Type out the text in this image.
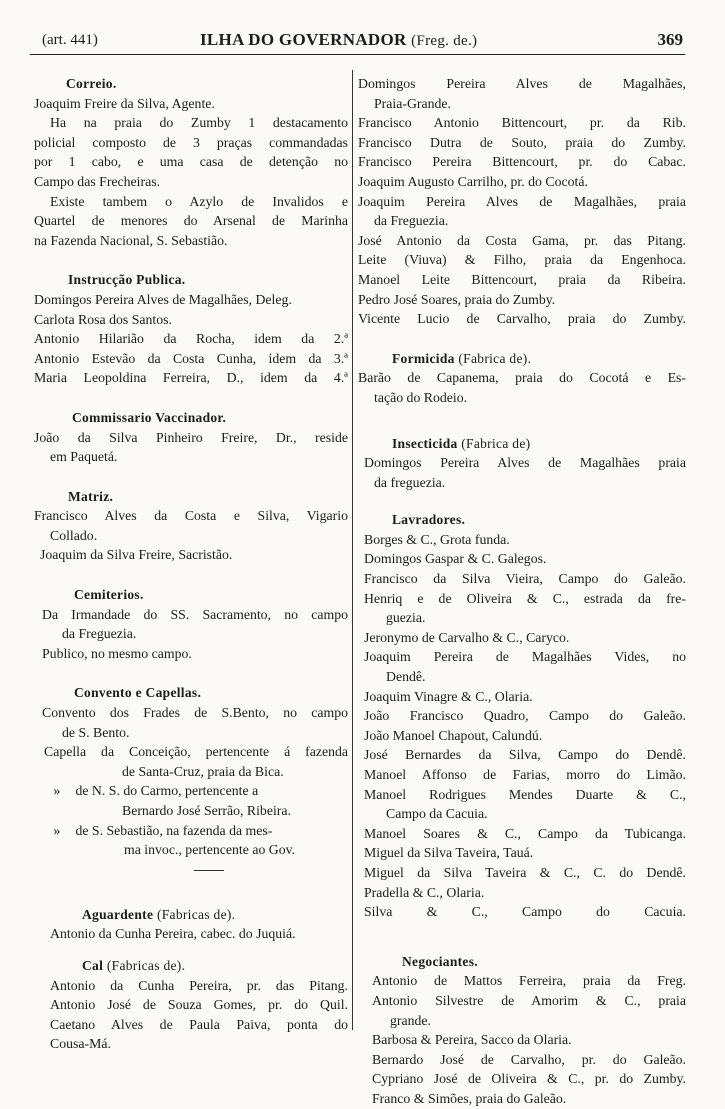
(art. 441)	ILHA DO GOVERNADOR (Freg. de.)	369
Correio.
Joaquim Freire da Silva, Agente.
Ha na praia do Zumby 1 destacamento
policial composto de 3 praças commandadas
por 1 cabo, e uma casa de detenção no
Campo das Frecheiras.
Existe tambem o Azylo de Invalidos e
Quartel de menores do Arsenal de Marinha
na Fazenda Nacional, S. Sebastião.
Instrucção Publica.
Domingos Pereira Alves de Magalhães, Deleg.
Carlota Rosa dos Santos.
Antonio Hilarião da Rocha, idem da 2.ª
Antonio Estevão da Costa Cunha, idem da 3.ª
Maria Leopoldina Ferreira, D., idem da 4.ª
Commissario Vaccinador.
João da Silva Pinheiro Freire, Dr., reside
em Paquetá.
Matriz.
Francisco Alves da Costa e Silva, Vigario
Collado.
Joaquim da Silva Freire, Sacristão.
Cemiterios.
Da Irmandade do SS. Sacramento, no campo
da Freguezia.
Publico, no mesmo campo.
Convento e Capellas.
Convento dos Frades de S.Bento, no campo
de S. Bento.
Capella da Conceição, pertencente á fazenda
de Santa-Cruz, praia da Bica.
» de N. S. do Carmo, pertencente a
Bernardo José Serrão, Ribeira.
» de S. Sebastião, na fazenda da mes-
ma invoc., pertencente ao Gov.
Aguardente (Fabricas de).
Antonio da Cunha Pereira, cabec. do Juquiá.
Cal (Fabricas de).
Antonio da Cunha Pereira, pr. das Pitang.
Antonio José de Souza Gomes, pr. do Quil.
Caetano Alves de Paula Paiva, ponta do
Cousa-Má.
Domingos Pereira Alves de Magalhães,
Praia-Grande.
Francisco Antonio Bittencourt, pr. da Rib.
Francisco Dutra de Souto, praia do Zumby.
Francisco Pereira Bittencourt, pr. do Cabac.
Joaquim Augusto Carrilho, pr. do Cocotá.
Joaquim Pereira Alves de Magalhães, praia
da Freguezia.
José Antonio da Costa Gama, pr. das Pitang.
Leite (Viuva) & Filho, praia da Engenhoca.
Manoel Leite Bittencourt, praia da Ribeira.
Pedro José Soares, praia do Zumby.
Vicente Lucio de Carvalho, praia do Zumby.
Formicida (Fabrica de).
Barão de Capanema, praia do Cocotá e Es-
tação do Rodeio.
Insecticida (Fabrica de)
Domingos Pereira Alves de Magalhães praia
da freguezia.
Lavradores.
Borges & C., Grota funda.
Domingos Gaspar & C. Galegos.
Francisco da Silva Vieira, Campo do Galeão.
Henriq e de Oliveira & C., estrada da fre-
guezia.
Jeronymo de Carvalho & C., Caryco.
Joaquim Pereira de Magalhães Vides, no
Dendê.
Joaquim Vinagre & C., Olaria.
João Francisco Quadro, Campo do Galeão.
João Manoel Chapout, Calundú.
José Bernardes da Silva, Campo do Dendê.
Manoel Affonso de Farias, morro do Limão.
Manoel Rodrigues Mendes Duarte & C.,
Campo da Cacuia.
Manoel Soares & C., Campo da Tubicanga.
Miguel da Silva Taveira, Tauá.
Miguel da Silva Taveira & C., C. do Dendê.
Pradella & C., Olaria.
Silva & C., Campo do Cacuia.
Negociantes.
Antonio de Mattos Ferreira, praia da Freg.
Antonio Silvestre de Amorim & C., praia
grande.
Barbosa & Pereira, Sacco da Olaria.
Bernardo José de Carvalho, pr. do Galeão.
Cypriano José de Oliveira & C., pr. do Zumby.
Franco & Simões, praia do Galeão.
